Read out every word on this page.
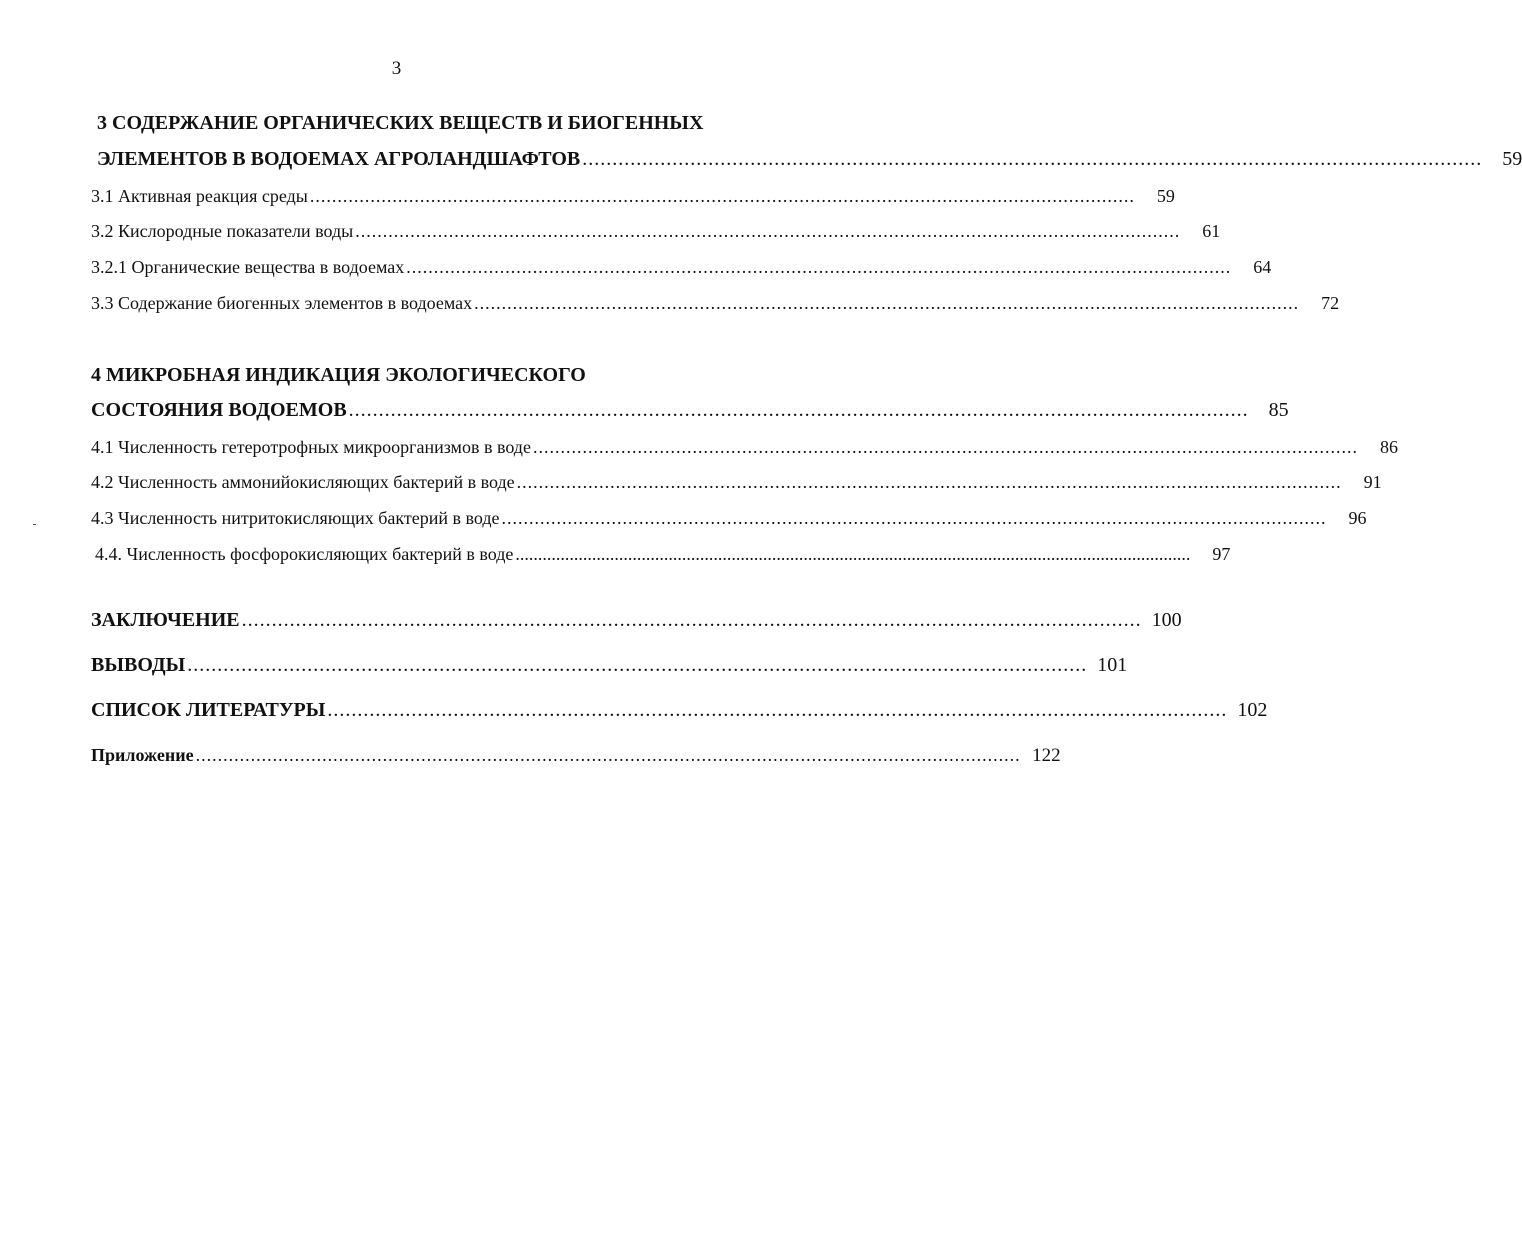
3
3 СОДЕРЖАНИЕ ОРГАНИЧЕСКИХ ВЕЩЕСТВ И БИОГЕННЫХ
ЭЛЕМЕНТОВ В ВОДОЕМАХ АГРОЛАНДШАФТОВ ......................................................................................................................................................	59
3.1 Активная реакция среды ......................................................................................................................................................	59
3.2 Кислородные показатели воды ......................................................................................................................................................	61
3.2.1 Органические вещества в водоемах ......................................................................................................................................................	64
3.3 Содержание биогенных элементов в водоемах ......................................................................................................................................................	72
4 МИКРОБНАЯ ИНДИКАЦИЯ ЭКОЛОГИЧЕСКОГО
СОСТОЯНИЯ ВОДОЕМОВ ......................................................................................................................................................	85
4.1 Численность гетеротрофных микроорганизмов в воде ......................................................................................................................................................	86
4.2 Численность аммонийокисляющих бактерий в воде ......................................................................................................................................................	91
4.3 Численность нитритокисляющих бактерий в воде ......................................................................................................................................................	96
4.4. Численность фосфорокисляющих бактерий в воде ......................................................................................................................................................	97
ЗАКЛЮЧЕНИЕ ...................................................................................................................................................... 100
ВЫВОДЫ ...................................................................................................................................................... 101
СПИСОК ЛИТЕРАТУРЫ ...................................................................................................................................................... 102
Приложение ...................................................................................................................................................... 122
